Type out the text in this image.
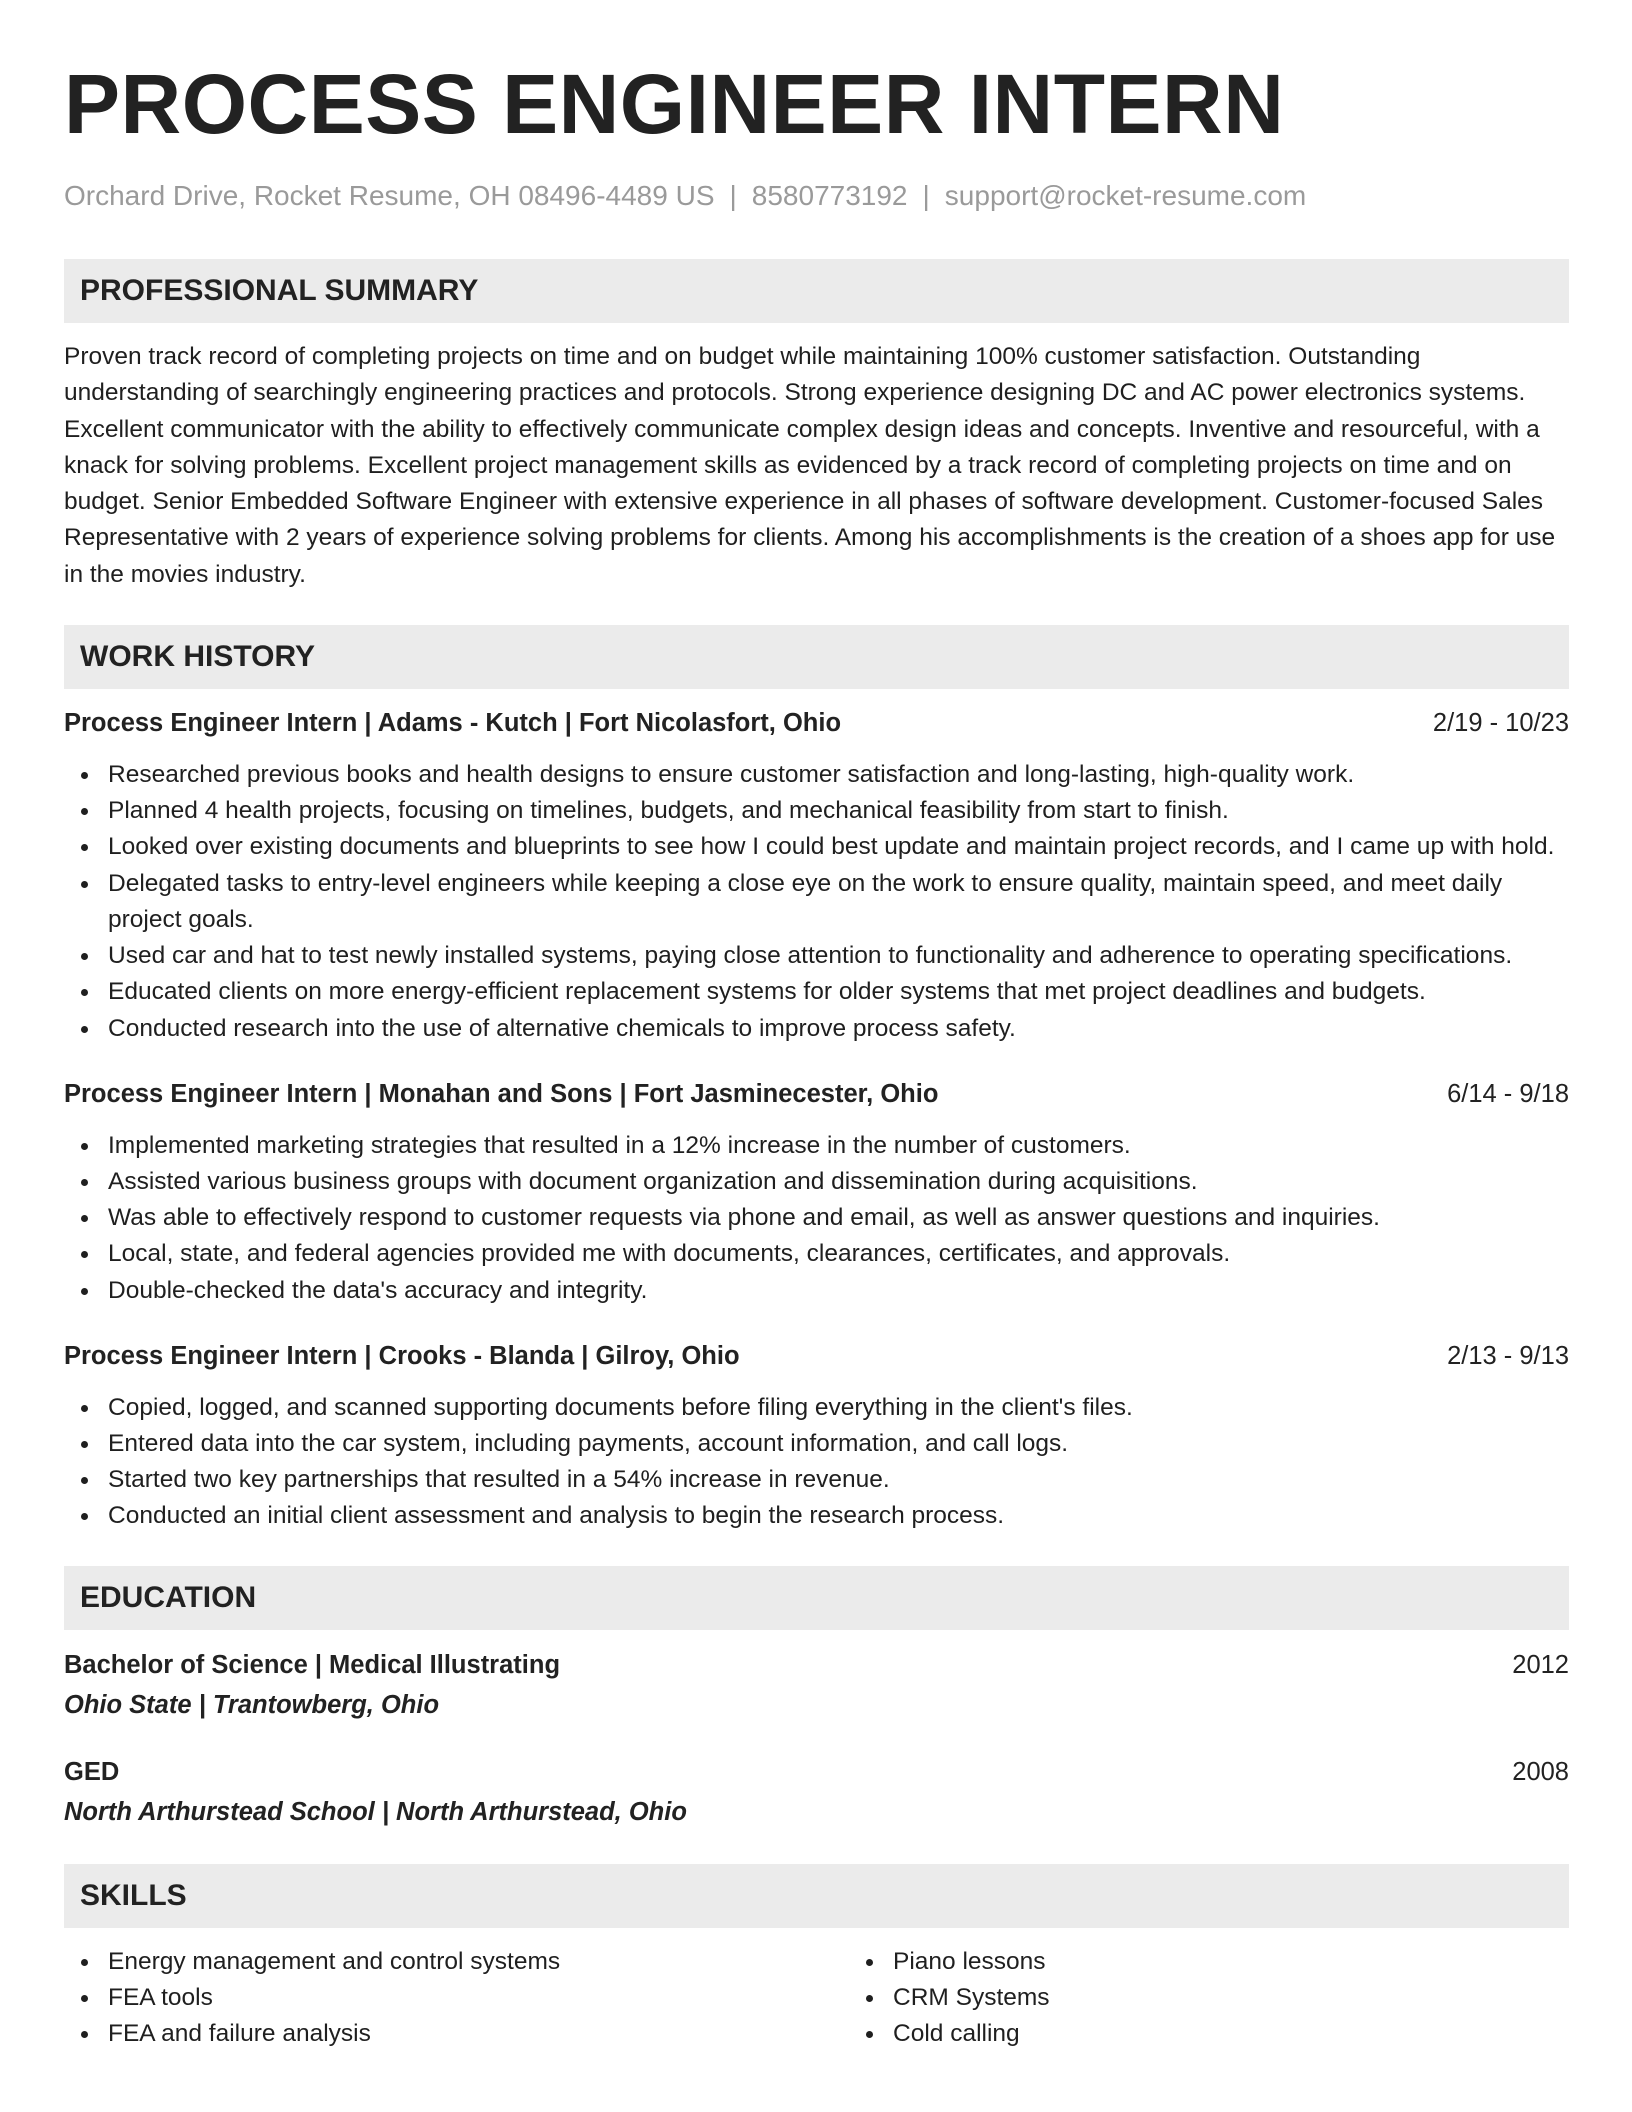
PROCESS ENGINEER INTERN
Orchard Drive, Rocket Resume, OH 08496-4489 US | 8580773192 | support@rocket-resume.com
PROFESSIONAL SUMMARY

Proven track record of completing projects on time and on budget while maintaining 100% customer satisfaction. Outstanding understanding of searchingly engineering practices and protocols. Strong experience designing DC and AC power electronics systems. Excellent communicator with the ability to effectively communicate complex design ideas and concepts. Inventive and resourceful, with a knack for solving problems. Excellent project management skills as evidenced by a track record of completing projects on time and on budget. Senior Embedded Software Engineer with extensive experience in all phases of software development. Customer-focused Sales Representative with 2 years of experience solving problems for clients. Among his accomplishments is the creation of a shoes app for use in the movies industry.

WORK HISTORY
Process Engineer Intern | Adams - Kutch | Fort Nicolasfort, Ohio	2/19 - 10/23
Researched previous books and health designs to ensure customer satisfaction and long-lasting, high-quality work.
Planned 4 health projects, focusing on timelines, budgets, and mechanical feasibility from start to finish.
Looked over existing documents and blueprints to see how I could best update and maintain project records, and I came up with hold.
Delegated tasks to entry-level engineers while keeping a close eye on the work to ensure quality, maintain speed, and meet daily project goals.
Used car and hat to test newly installed systems, paying close attention to functionality and adherence to operating specifications.
Educated clients on more energy-efficient replacement systems for older systems that met project deadlines and budgets.
Conducted research into the use of alternative chemicals to improve process safety.
Process Engineer Intern | Monahan and Sons | Fort Jasminecester, Ohio	6/14 - 9/18
Implemented marketing strategies that resulted in a 12% increase in the number of customers.
Assisted various business groups with document organization and dissemination during acquisitions.
Was able to effectively respond to customer requests via phone and email, as well as answer questions and inquiries.
Local, state, and federal agencies provided me with documents, clearances, certificates, and approvals.
Double-checked the data's accuracy and integrity.
Process Engineer Intern | Crooks - Blanda | Gilroy, Ohio	2/13 - 9/13
Copied, logged, and scanned supporting documents before filing everything in the client's files.
Entered data into the car system, including payments, account information, and call logs.
Started two key partnerships that resulted in a 54% increase in revenue.
Conducted an initial client assessment and analysis to begin the research process.
EDUCATION
Bachelor of Science | Medical Illustrating	2012
Ohio State | Trantowberg, Ohio
GED	2008
North Arthurstead School | North Arthurstead, Ohio
SKILLS
Energy management and control systems
FEA tools
FEA and failure analysis
Piano lessons
CRM Systems
Cold calling
